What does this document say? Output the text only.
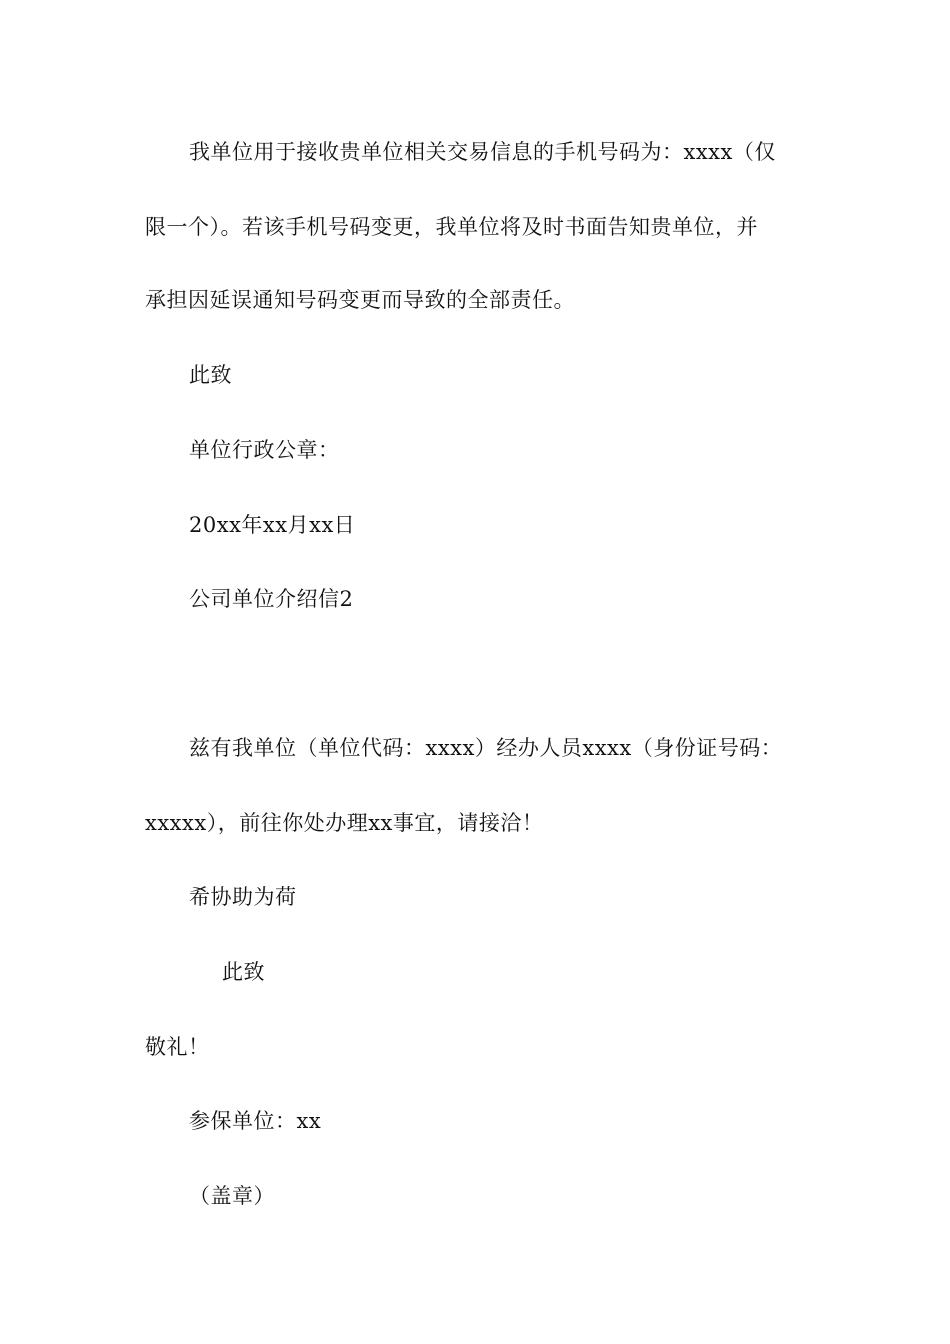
我单位用于接收贵单位相关交易信息的手机号码为：xxxx（仅
限一个）。若该手机号码变更，我单位将及时书面告知贵单位，并
承担因延误通知号码变更而导致的全部责任。
此致
单位行政公章：
20xx年xx月xx日
公司单位介绍信2
兹有我单位（单位代码：xxxx）经办人员xxxx（身份证号码：
xxxxx），前往你处办理xx事宜，请接洽！
希协助为荷
此致
敬礼！
参保单位：xx
（盖章）
